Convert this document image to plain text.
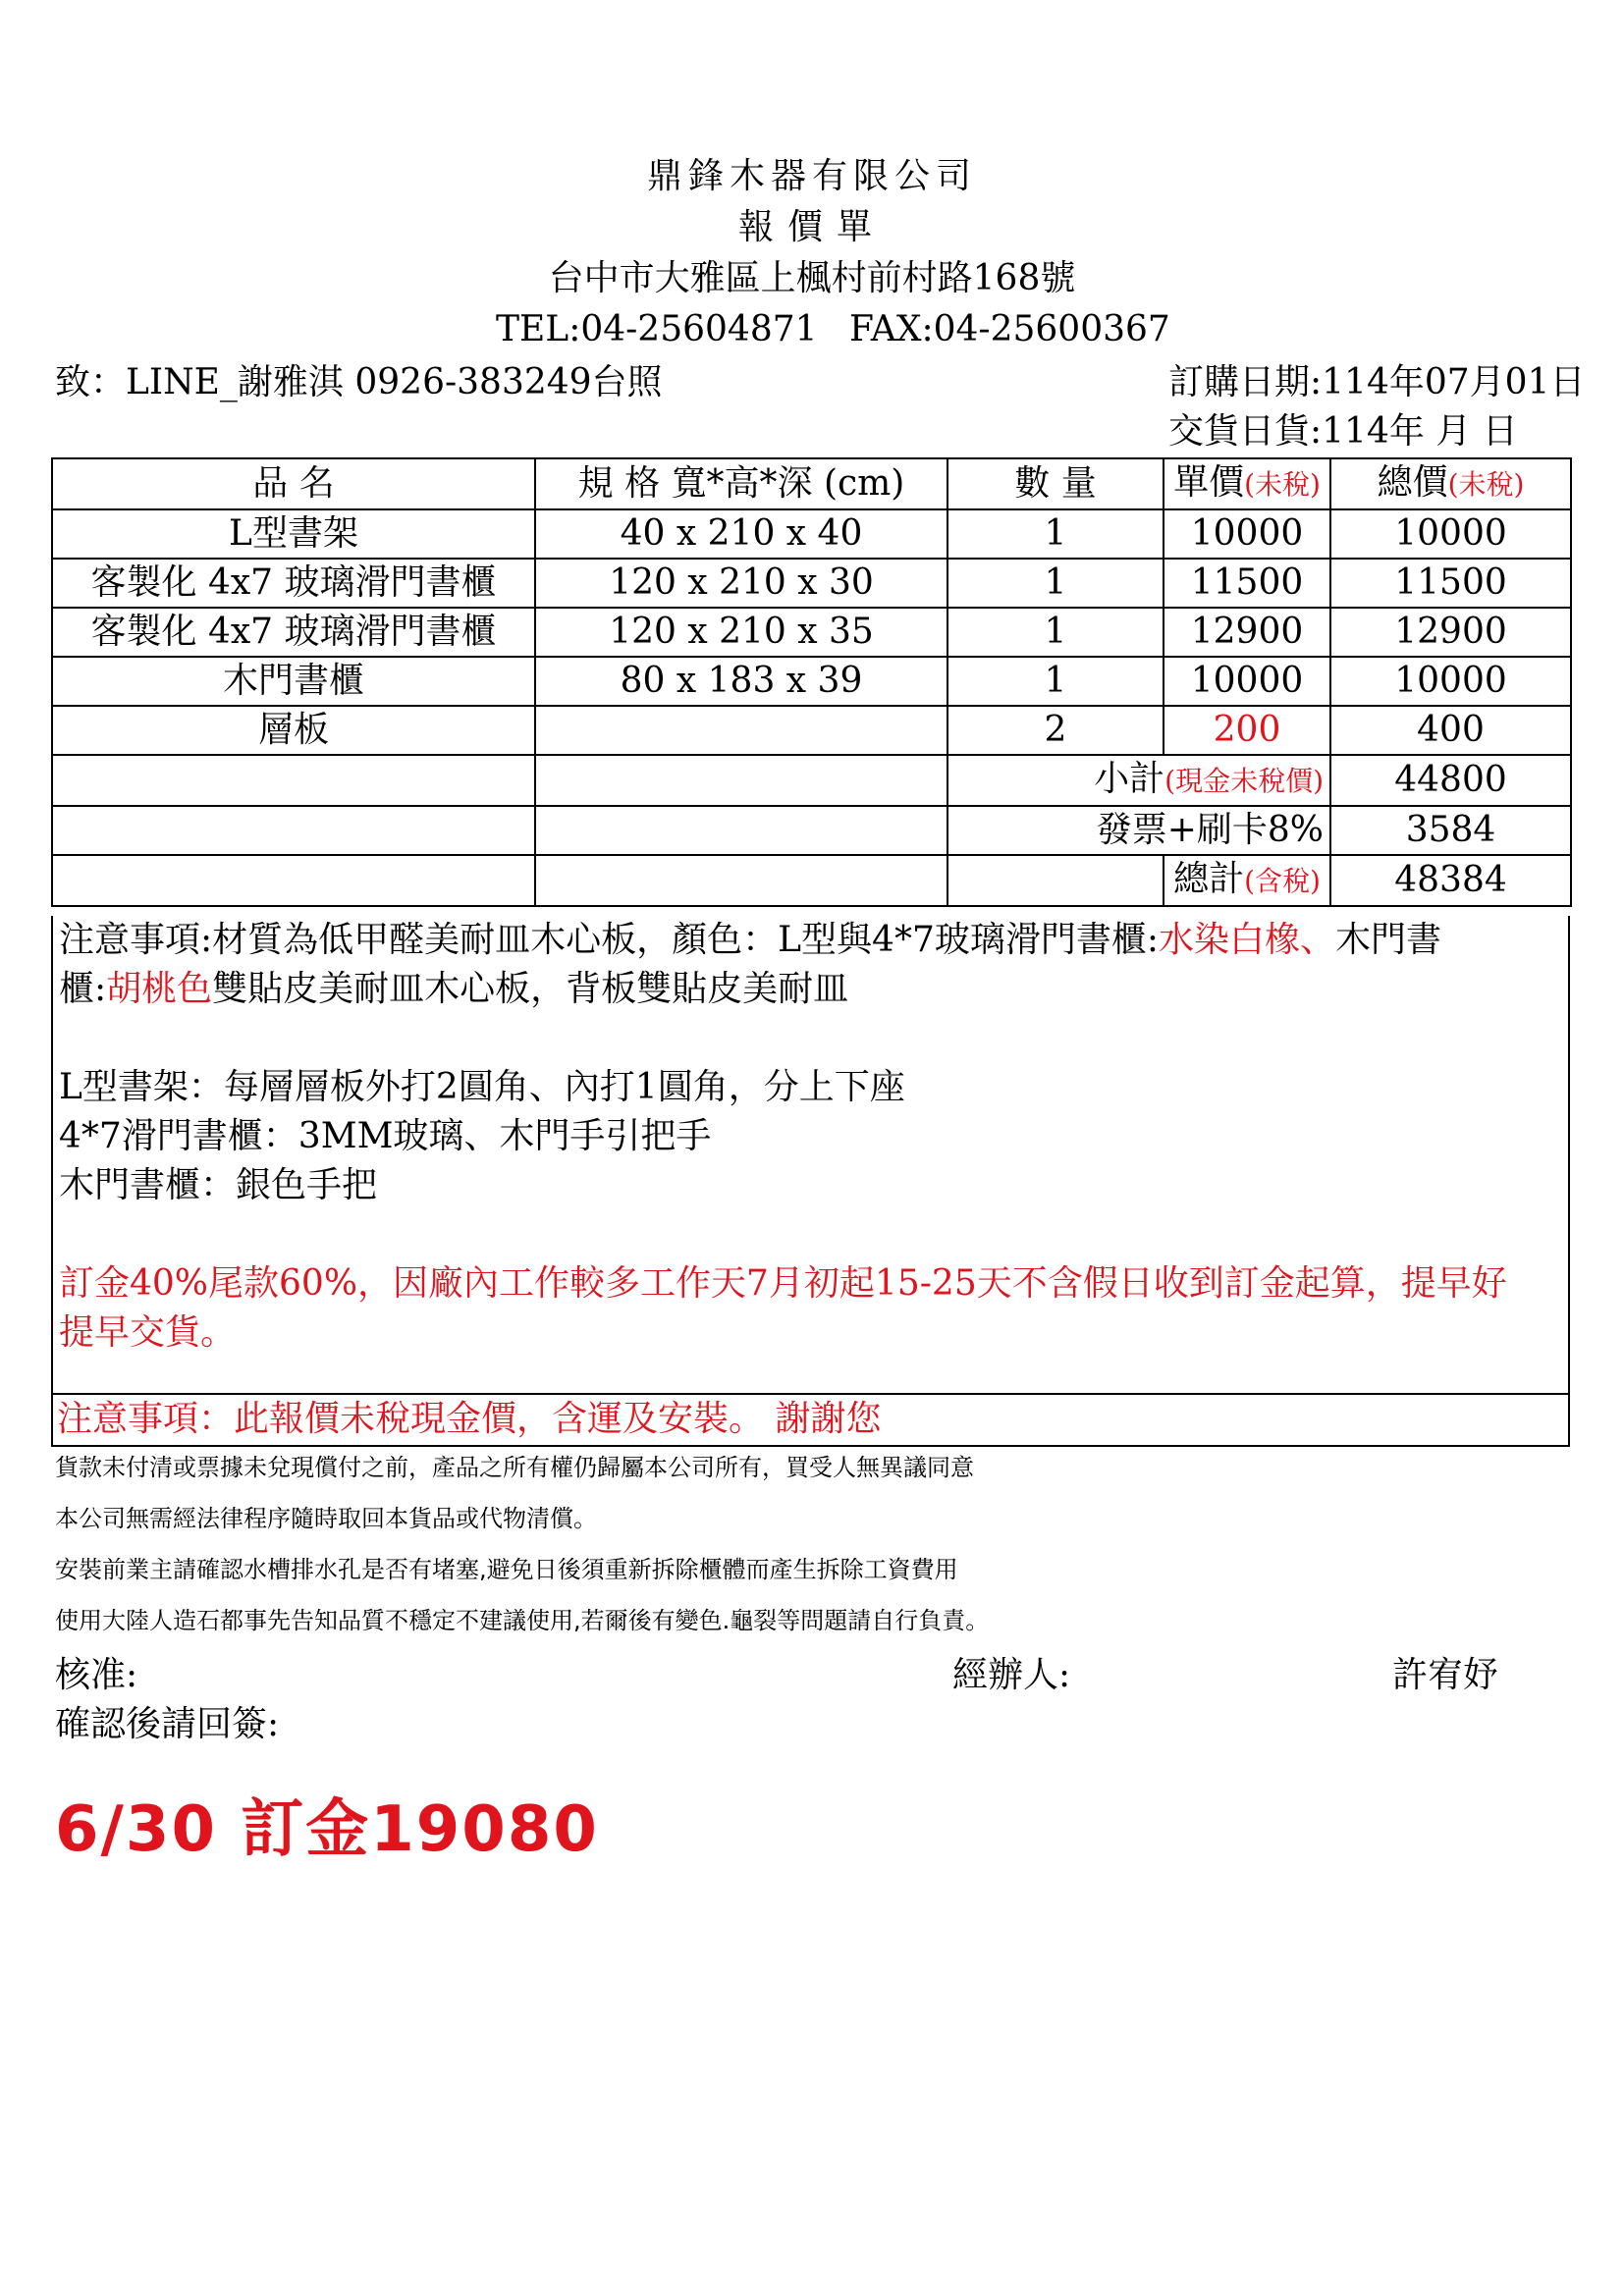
鼎鋒木器有限公司
報價單
台中市大雅區上楓村前村路168號
TEL:04-25604871 FAX:04-25600367
致：LINE_謝雅淇 0926-383249台照	訂購日期:114年07月01日
交貨日貨:114年 月 日
品 名	規 格 寬*高*深 (cm)	數 量	單價(未稅)	總價(未稅)
L型書架	40 x 210 x 40	1	10000	10000
客製化 4x7 玻璃滑門書櫃	120 x 210 x 30	1	11500	11500
客製化 4x7 玻璃滑門書櫃	120 x 210 x 35	1	12900	12900
木門書櫃	80 x 183 x 39	1	10000	10000
層板		2	200	400
		小計(現金未稅價)		44800
		發票+刷卡8%		3584
			總計(含稅)	48384
注意事項:材質為低甲醛美耐皿木心板，顏色：L型與4*7玻璃滑門書櫃:水染白橡、木門書
櫃:胡桃色雙貼皮美耐皿木心板，背板雙貼皮美耐皿
L型書架：每層層板外打2圓角、內打1圓角，分上下座
4*7滑門書櫃：3MM玻璃、木門手引把手
木門書櫃：銀色手把
訂金40%尾款60%，因廠內工作較多工作天7月初起15-25天不含假日收到訂金起算，提早好
提早交貨。
注意事項：此報價未稅現金價，含運及安裝。 謝謝您
貨款未付清或票據未兌現償付之前，產品之所有權仍歸屬本公司所有，買受人無異議同意
本公司無需經法律程序隨時取回本貨品或代物清償。
安裝前業主請確認水槽排水孔是否有堵塞,避免日後須重新拆除櫃體而產生拆除工資費用
使用大陸人造石都事先告知品質不穩定不建議使用,若爾後有變色.龜裂等問題請自行負責。
核准:	經辦人:	許宥妤
確認後請回簽:
6/30 訂金19080
